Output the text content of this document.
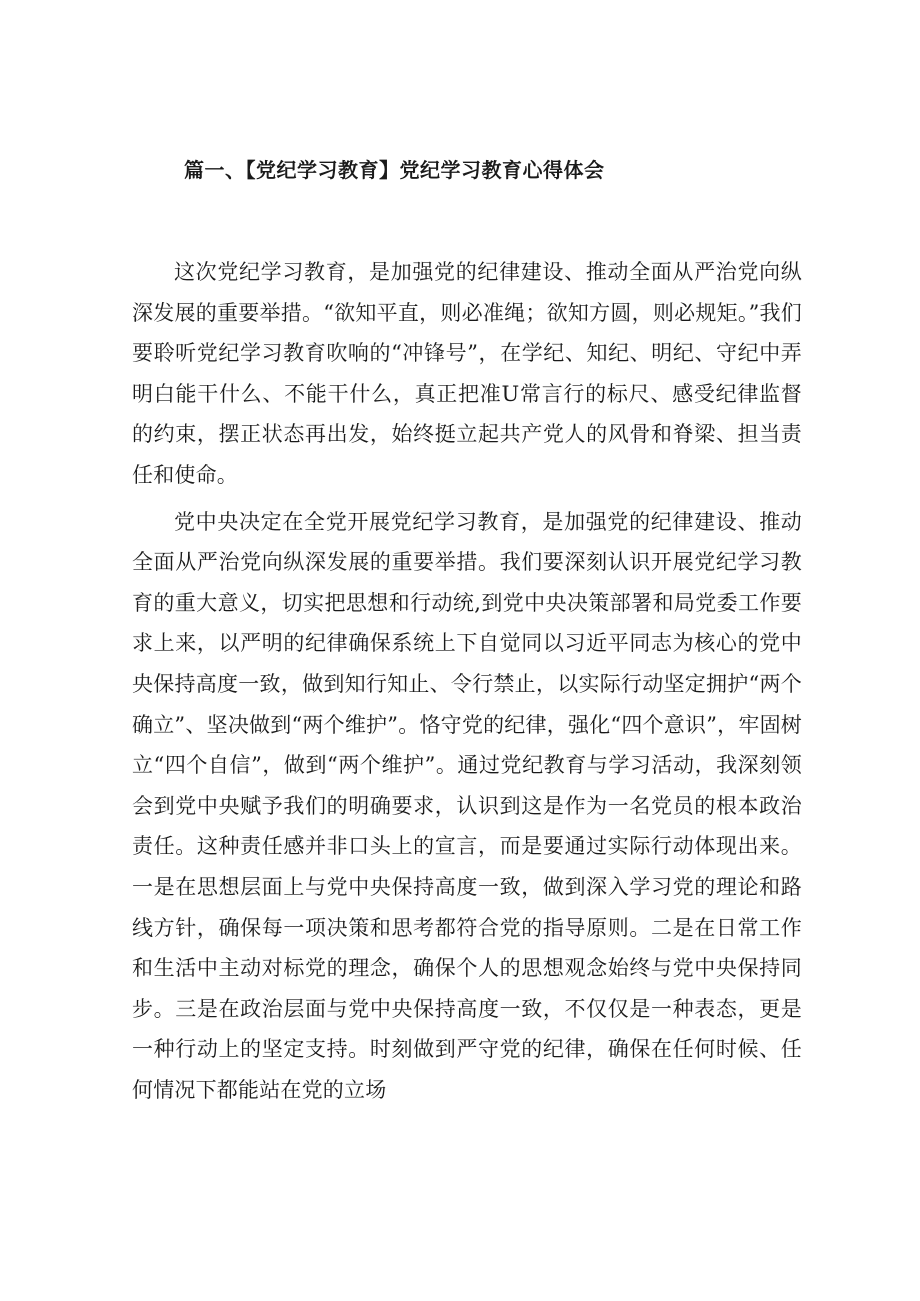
篇一、【党纪学习教育】党纪学习教育心得体会

这次党纪学习教育，是加强党的纪律建设、推动全面从严治党向纵深发展的重要举措。“欲知平直，则必准绳；欲知方圆，则必规矩。”我们要聆听党纪学习教育吹响的“冲锋号”，在学纪、知纪、明纪、守纪中弄明白能干什么、不能干什么，真正把准U常言行的标尺、感受纪律监督的约束，摆正状态再出发，始终挺立起共产党人的风骨和脊梁、担当责任和使命。

党中央决定在全党开展党纪学习教育，是加强党的纪律建设、推动全面从严治党向纵深发展的重要举措。我们要深刻认识开展党纪学习教育的重大意义，切实把思想和行动统,到党中央决策部署和局党委工作要求上来，以严明的纪律确保系统上下自觉同以习近平同志为核心的党中央保持高度一致，做到知行知止、令行禁止，以实际行动坚定拥护“两个确立”、坚决做到“两个维护”。恪守党的纪律，强化“四个意识”，牢固树立“四个自信”，做到“两个维护”。通过党纪教育与学习活动，我深刻领会到党中央赋予我们的明确要求，认识到这是作为一名党员的根本政治责任。这种责任感并非口头上的宣言，而是要通过实际行动体现出来。一是在思想层面上与党中央保持高度一致，做到深入学习党的理论和路线方针，确保每一项决策和思考都符合党的指导原则。二是在日常工作和生活中主动对标党的理念，确保个人的思想观念始终与党中央保持同步。三是在政治层面与党中央保持高度一致，不仅仅是一种表态，更是一种行动上的坚定支持。时刻做到严守党的纪律，确保在任何时候、任何情况下都能站在党的立场
